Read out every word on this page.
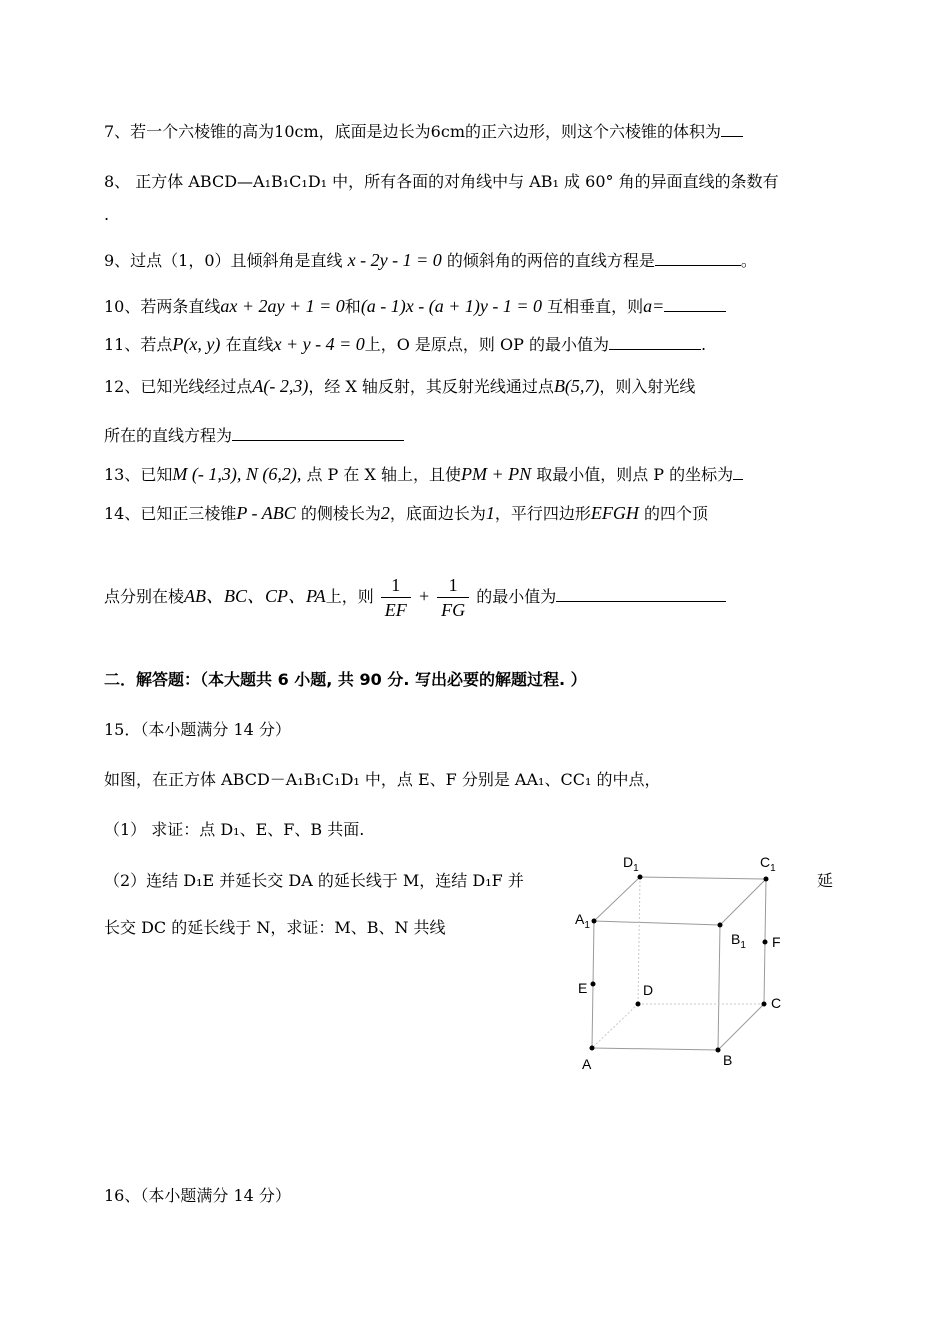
7、若一个六棱锥的高为10cm，底面是边长为6cm的正六边形，则这个六棱锥的体积为
8、 正方体 ABCD—A₁B₁C₁D₁ 中，所有各面的对角线中与 AB₁ 成 60° 角的异面直线的条数有
.
9、过点（1，0）且倾斜角是直线 x - 2y - 1 = 0 的倾斜角的两倍的直线方程是	。
10、若两条直线ax + 2ay + 1 = 0和(a - 1)x - (a + 1)y - 1 = 0 互相垂直，则a=
11、若点P(x, y) 在直线x + y - 4 = 0上，O 是原点，则 OP 的最小值为	.
12、已知光线经过点A(- 2,3)，经 X 轴反射，其反射光线通过点B(5,7)，则入射光线
所在的直线方程为
13、已知M (- 1,3), N (6,2), 点 P 在 X 轴上，且使PM + PN 取最小值，则点 P 的坐标为
14、已知正三棱锥P - ABC 的侧棱长为2，底面边长为1，平行四边形EFGH 的四个顶
点分别在棱AB、BC、CP、PA上，则 $\frac{1}{EF} + \frac{1}{FG}$ 的最小值为
二．解答题：（本大题共 6 小题, 共 90 分. 写出必要的解题过程. ）
15．（本小题满分 14 分）
如图，在正方体 ABCD－A₁B₁C₁D₁ 中，点 E、F 分别是 AA₁、CC₁ 的中点，
（1） 求证：点 D₁、E、F、B 共面.
（2）连结 D₁E 并延长交 DA 的延长线于 M，连结 D₁F 并	延
长交 DC 的延长线于 N，求证：M、B、N 共线
$D_1$	$C_1$
$A_1$
$B_1$ F
E	D
C
A	B
16、（本小题满分 14 分）
